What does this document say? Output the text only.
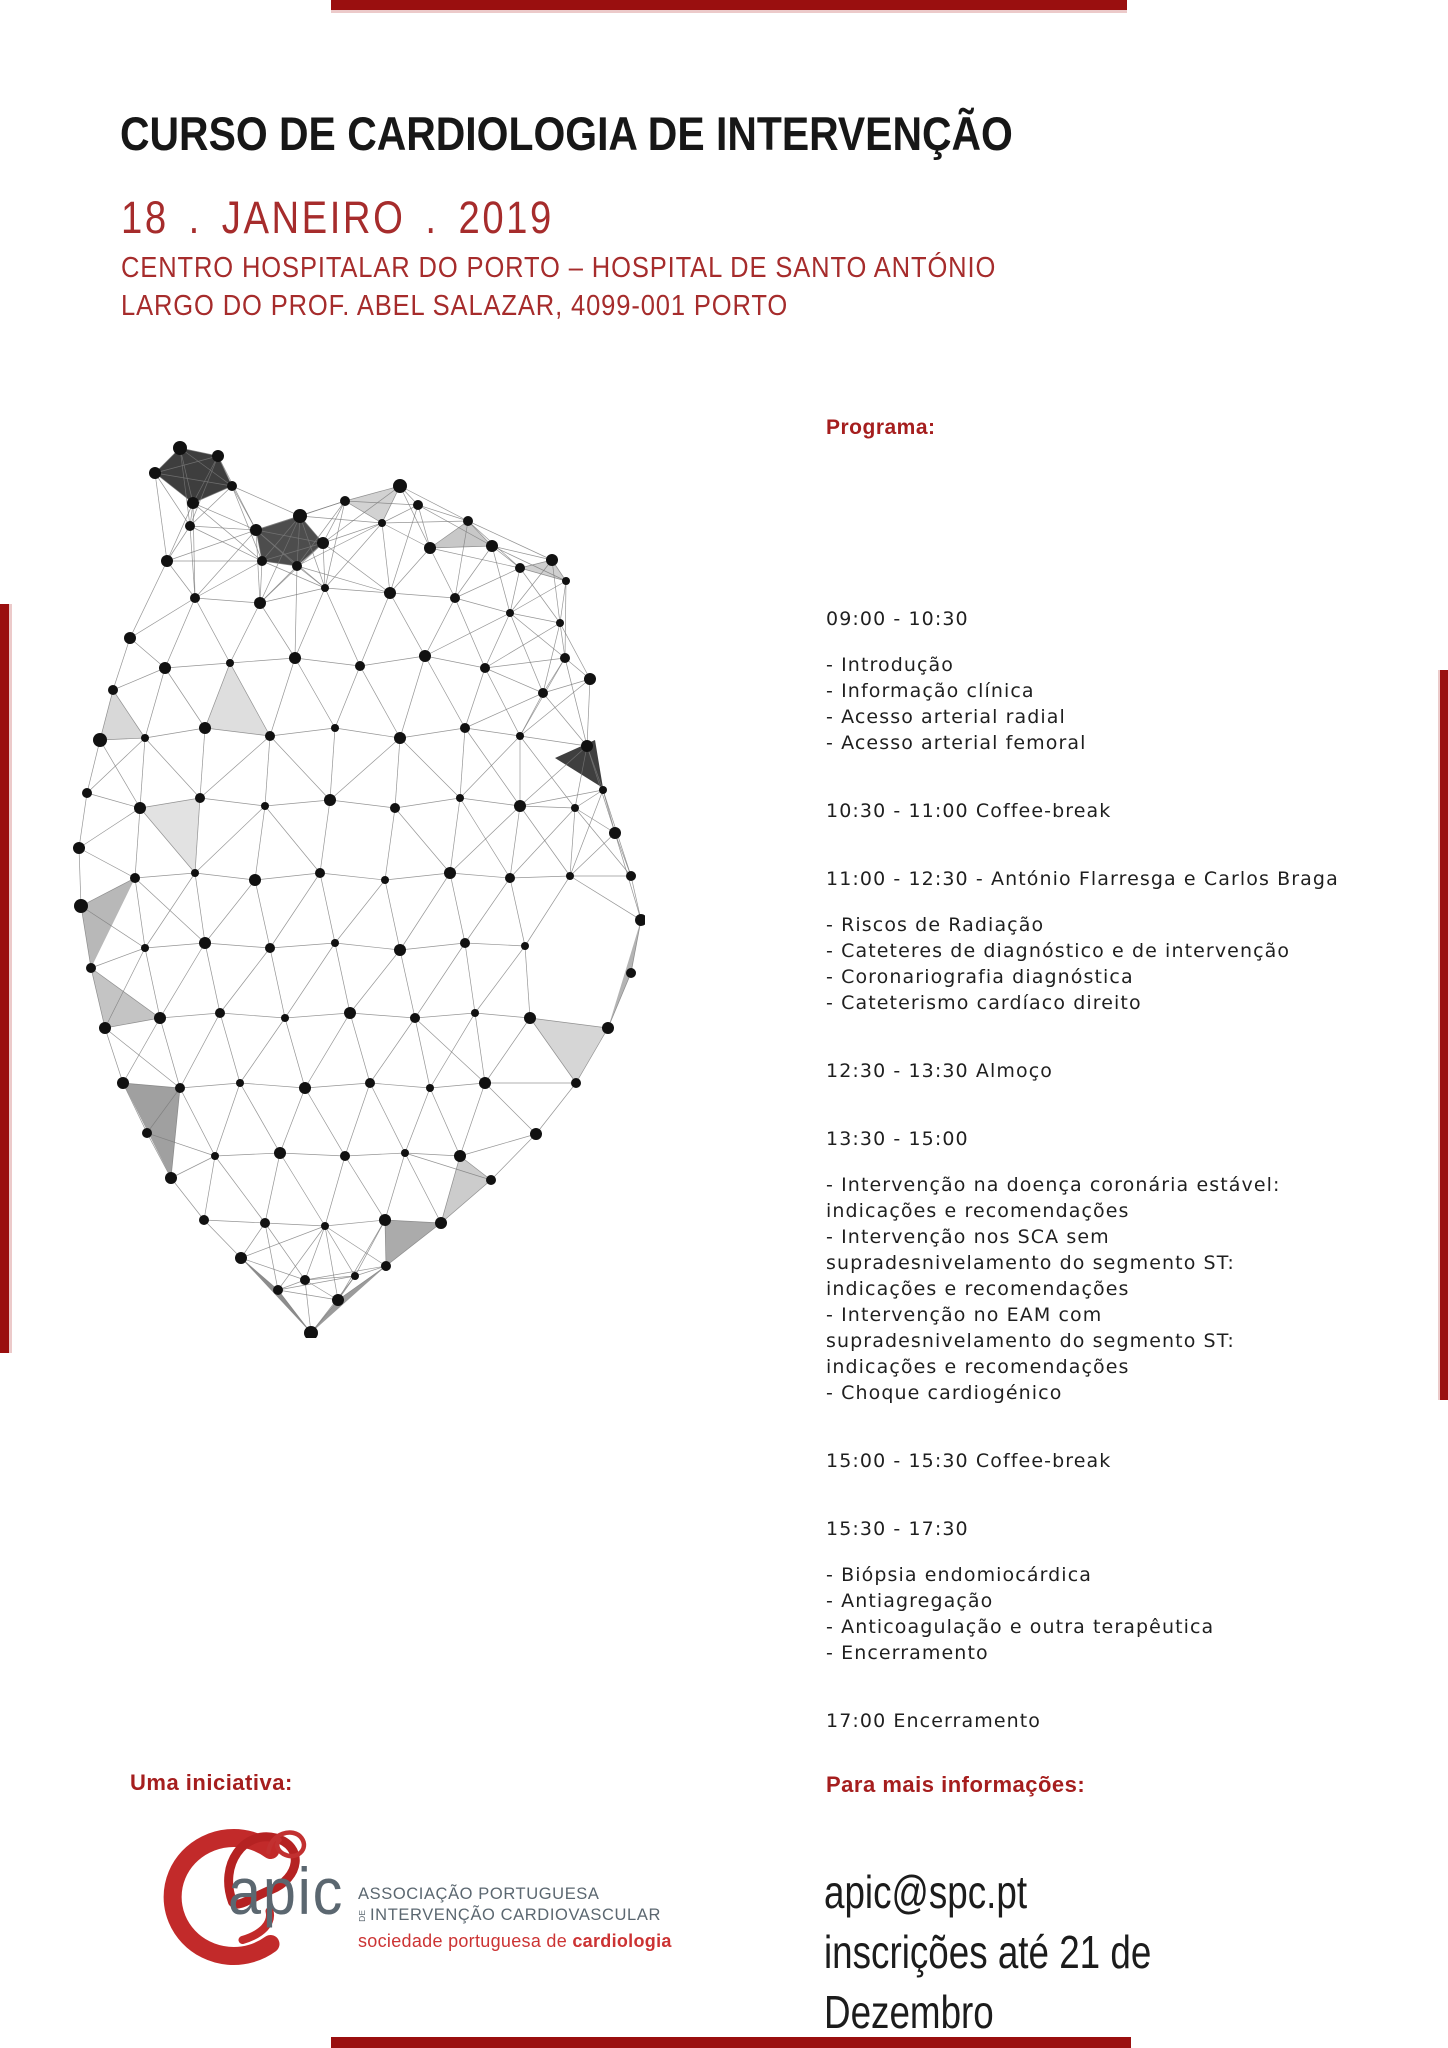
CURSO DE CARDIOLOGIA DE INTERVENÇÃO
18 . JANEIRO . 2019
CENTRO HOSPITALAR DO PORTO – HOSPITAL DE SANTO ANTÓNIO
LARGO DO PROF. ABEL SALAZAR, 4099-001 PORTO
Programa:
09:00 - 10:30
- Introdução
- Informação clínica
- Acesso arterial radial
- Acesso arterial femoral
10:30 - 11:00 Coffee-break
11:00 - 12:30 - António Flarresga e Carlos Braga
- Riscos de Radiação
- Cateteres de diagnóstico e de intervenção
- Coronariografia diagnóstica
- Cateterismo cardíaco direito
12:30 - 13:30 Almoço
13:30 - 15:00
- Intervenção na doença coronária estável:
indicações e recomendações
- Intervenção nos SCA sem
supradesnivelamento do segmento ST:
indicações e recomendações
- Intervenção no EAM com
supradesnivelamento do segmento ST:
indicações e recomendações
- Choque cardiogénico
15:00 - 15:30 Coffee-break
15:30 - 17:30
- Biópsia endomiocárdica
- Antiagregação
- Anticoagulação e outra terapêutica
- Encerramento
17:00 Encerramento
Uma iniciativa:
apic ASSOCIAÇÃO PORTUGUESA
DE INTERVENÇÃO CARDIOVASCULAR
sociedade portuguesa de cardiologia
Para mais informações:
apic@spc.pt
inscrições até 21 de Dezembro
